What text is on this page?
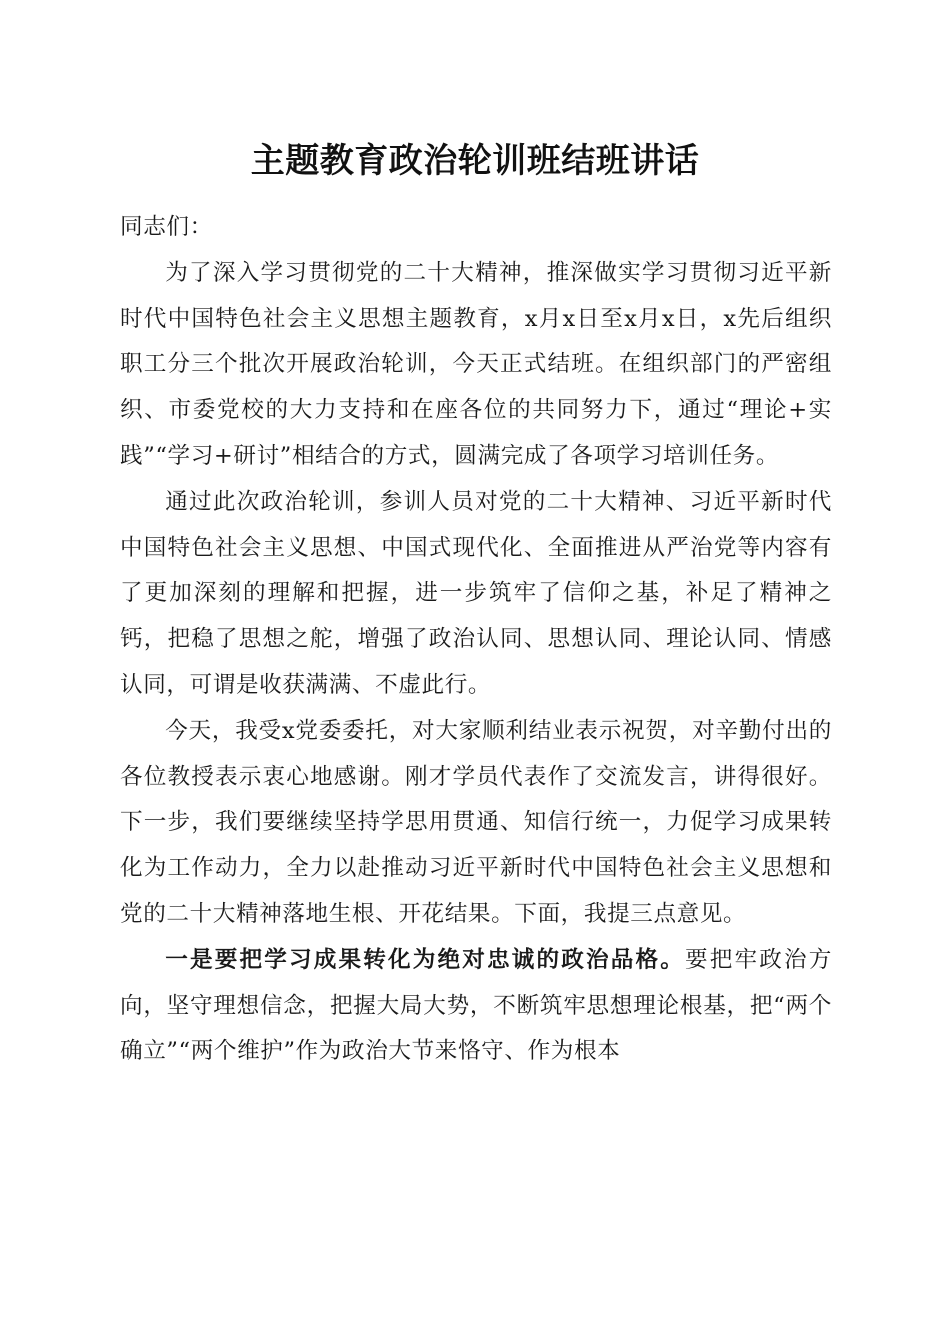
主题教育政治轮训班结班讲话

同志们：

为了深入学习贯彻党的二十大精神，推深做实学习贯彻习近平新时代中国特色社会主义思想主题教育，x月x日至x月x日，x先后组织职工分三个批次开展政治轮训，今天正式结班。在组织部门的严密组织、市委党校的大力支持和在座各位的共同努力下，通过“理论+实践”“学习+研讨”相结合的方式，圆满完成了各项学习培训任务。

通过此次政治轮训，参训人员对党的二十大精神、习近平新时代中国特色社会主义思想、中国式现代化、全面推进从严治党等内容有了更加深刻的理解和把握，进一步筑牢了信仰之基，补足了精神之钙，把稳了思想之舵，增强了政治认同、思想认同、理论认同、情感认同，可谓是收获满满、不虚此行。

今天，我受x党委委托，对大家顺利结业表示祝贺，对辛勤付出的各位教授表示衷心地感谢。刚才学员代表作了交流发言，讲得很好。下一步，我们要继续坚持学思用贯通、知信行统一，力促学习成果转化为工作动力，全力以赴推动习近平新时代中国特色社会主义思想和党的二十大精神落地生根、开花结果。下面，我提三点意见。

一是要把学习成果转化为绝对忠诚的政治品格。要把牢政治方向，坚守理想信念，把握大局大势，不断筑牢思想理论根基，把“两个确立”“两个维护”作为政治大节来恪守、作为根本
